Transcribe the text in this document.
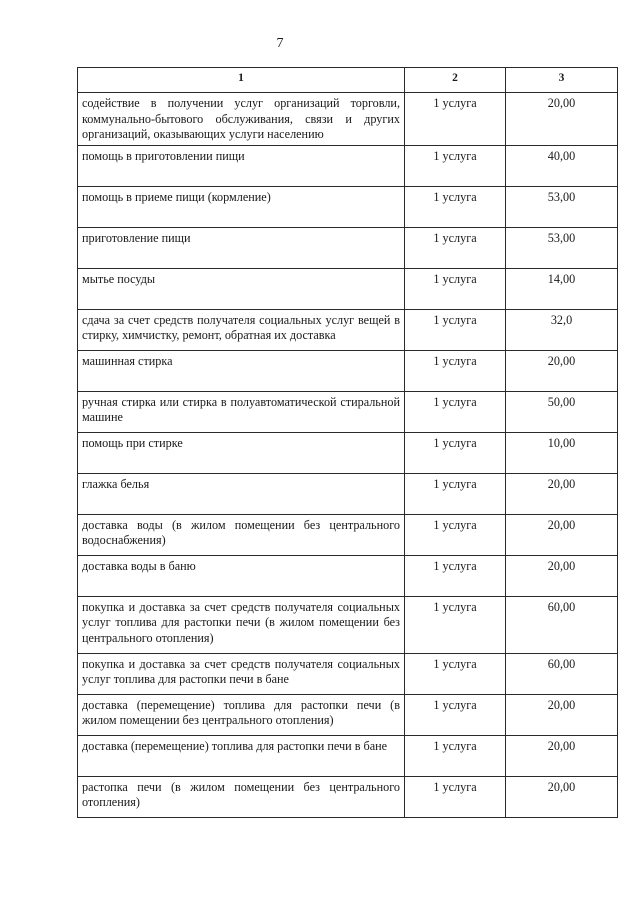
7
1	2	3
содействие в получении услуг организаций торговли, коммунально-бытового обслуживания, связи и других организаций, оказывающих услуги населению	1 услуга	20,00
помощь в приготовлении пищи	1 услуга	40,00
помощь в приеме пищи (кормление)	1 услуга	53,00
приготовление пищи	1 услуга	53,00
мытье посуды	1 услуга	14,00
сдача за счет средств получателя социальных услуг вещей в стирку, химчистку, ремонт, обратная их доставка	1 услуга	32,0
машинная стирка	1 услуга	20,00
ручная стирка или стирка в полуавтоматической стиральной машине	1 услуга	50,00
помощь при стирке	1 услуга	10,00
глажка белья	1 услуга	20,00
доставка воды (в жилом помещении без центрального водоснабжения)	1 услуга	20,00
доставка воды в баню	1 услуга	20,00
покупка и доставка за счет средств получателя социальных услуг топлива для растопки печи (в жилом помещении без центрального отопления)	1 услуга	60,00
покупка и доставка за счет средств получателя социальных услуг топлива для растопки печи в бане	1 услуга	60,00
доставка (перемещение) топлива для растопки печи (в жилом помещении без центрального отопления)	1 услуга	20,00
доставка (перемещение) топлива для растопки печи в бане	1 услуга	20,00
растопка печи (в жилом помещении без центрального отопления)	1 услуга	20,00
